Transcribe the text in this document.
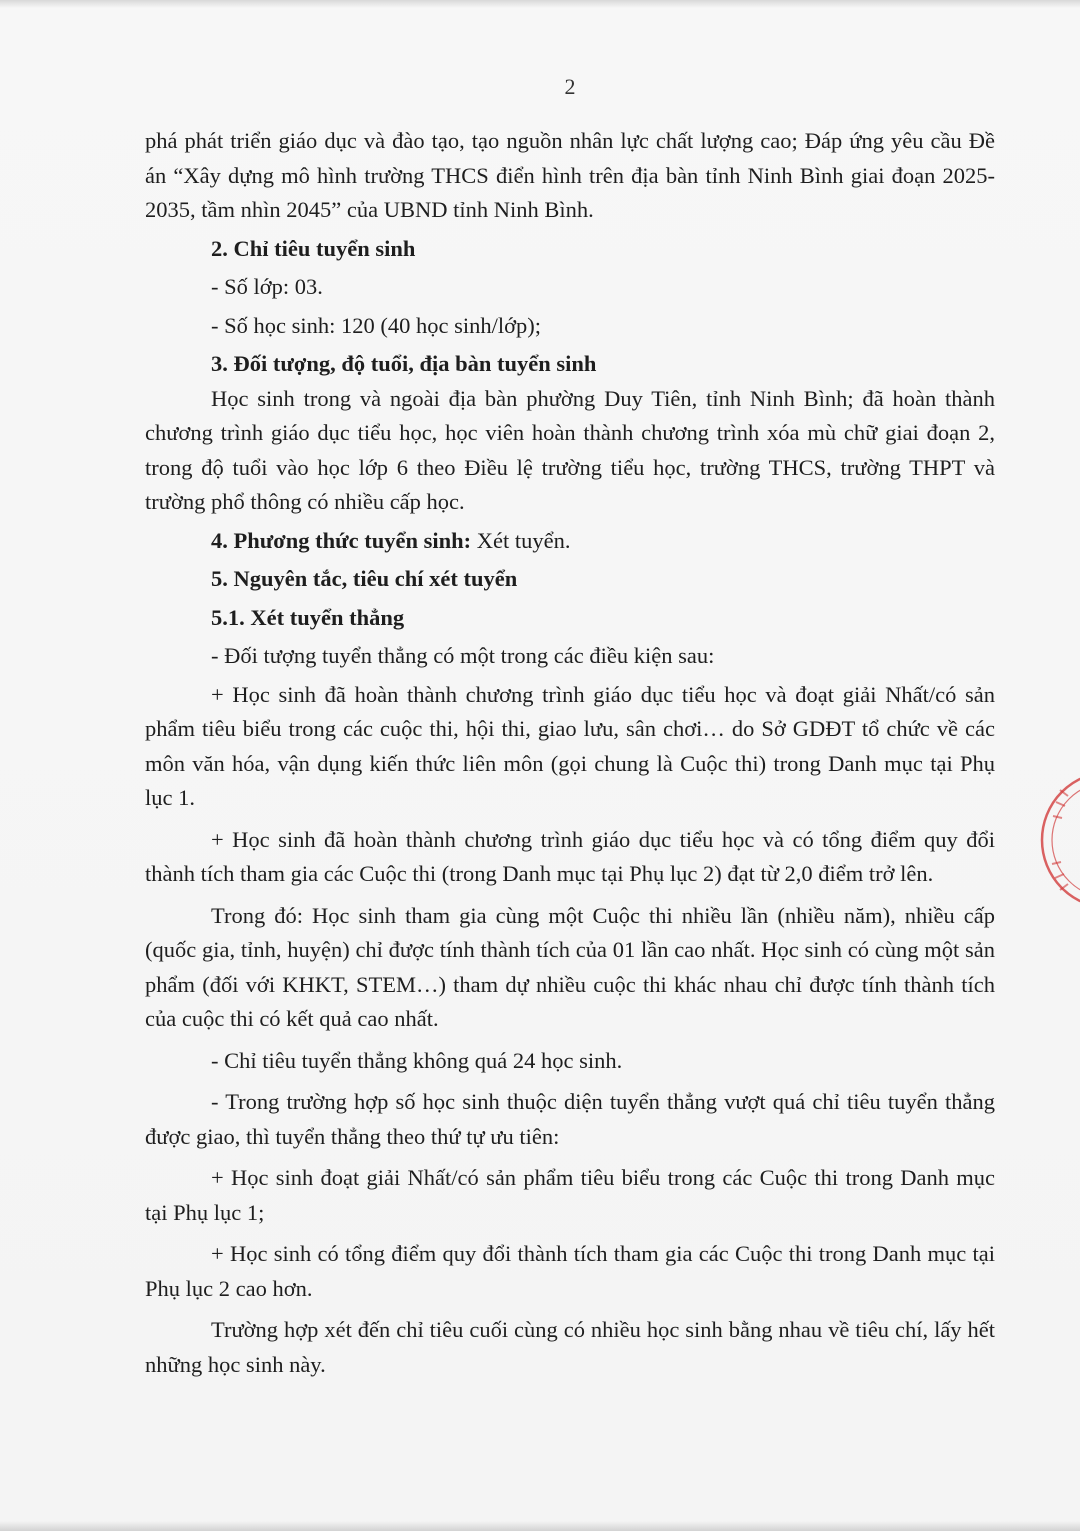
2

phá phát triển giáo dục và đào tạo, tạo nguồn nhân lực chất lượng cao; Đáp ứng yêu cầu Đề án “Xây dựng mô hình trường THCS điển hình trên địa bàn tỉnh Ninh Bình giai đoạn 2025-2035, tầm nhìn 2045” của UBND tỉnh Ninh Bình.

2. Chỉ tiêu tuyển sinh

- Số lớp: 03.

- Số học sinh: 120 (40 học sinh/lớp);

3. Đối tượng, độ tuổi, địa bàn tuyển sinh

Học sinh trong và ngoài địa bàn phường Duy Tiên, tỉnh Ninh Bình; đã hoàn thành chương trình giáo dục tiểu học, học viên hoàn thành chương trình xóa mù chữ giai đoạn 2, trong độ tuổi vào học lớp 6 theo Điều lệ trường tiểu học, trường THCS, trường THPT và trường phổ thông có nhiều cấp học.

4. Phương thức tuyển sinh: Xét tuyển.

5. Nguyên tắc, tiêu chí xét tuyển

5.1. Xét tuyển thẳng

- Đối tượng tuyển thẳng có một trong các điều kiện sau:

+ Học sinh đã hoàn thành chương trình giáo dục tiểu học và đoạt giải Nhất/có sản phẩm tiêu biểu trong các cuộc thi, hội thi, giao lưu, sân chơi… do Sở GDĐT tổ chức về các môn văn hóa, vận dụng kiến thức liên môn (gọi chung là Cuộc thi) trong Danh mục tại Phụ lục 1.

+ Học sinh đã hoàn thành chương trình giáo dục tiểu học và có tổng điểm quy đổi thành tích tham gia các Cuộc thi (trong Danh mục tại Phụ lục 2) đạt từ 2,0 điểm trở lên.

Trong đó: Học sinh tham gia cùng một Cuộc thi nhiều lần (nhiều năm), nhiều cấp (quốc gia, tỉnh, huyện) chỉ được tính thành tích của 01 lần cao nhất. Học sinh có cùng một sản phẩm (đối với KHKT, STEM…) tham dự nhiều cuộc thi khác nhau chỉ được tính thành tích của cuộc thi có kết quả cao nhất.

- Chỉ tiêu tuyển thẳng không quá 24 học sinh.

- Trong trường hợp số học sinh thuộc diện tuyển thẳng vượt quá chỉ tiêu tuyển thẳng được giao, thì tuyển thẳng theo thứ tự ưu tiên:

+ Học sinh đoạt giải Nhất/có sản phẩm tiêu biểu trong các Cuộc thi trong Danh mục tại Phụ lục 1;

+ Học sinh có tổng điểm quy đổi thành tích tham gia các Cuộc thi trong Danh mục tại Phụ lục 2 cao hơn.

Trường hợp xét đến chỉ tiêu cuối cùng có nhiều học sinh bằng nhau về tiêu chí, lấy hết những học sinh này.
